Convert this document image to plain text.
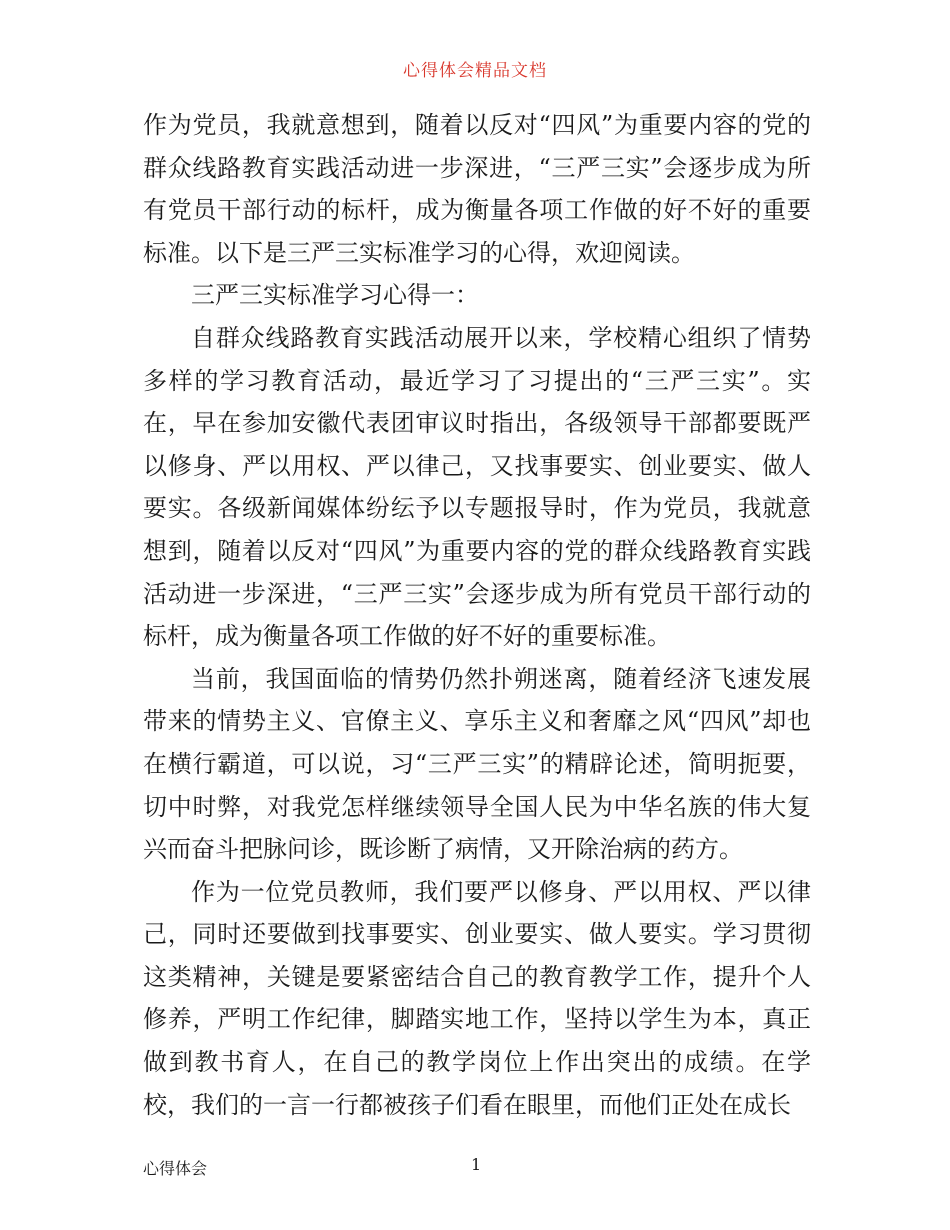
心得体会精品文档

作为党员，我就意想到，随着以反对“四风”为重要内容的党的群众线路教育实践活动进一步深进，“三严三实”会逐步成为所有党员干部行动的标杆，成为衡量各项工作做的好不好的重要标准。以下是三严三实标准学习的心得，欢迎阅读。

三严三实标准学习心得一：

自群众线路教育实践活动展开以来，学校精心组织了情势多样的学习教育活动，最近学习了习提出的“三严三实”。实在，早在参加安徽代表团审议时指出，各级领导干部都要既严以修身、严以用权、严以律己，又找事要实、创业要实、做人要实。各级新闻媒体纷纭予以专题报导时，作为党员，我就意想到，随着以反对“四风”为重要内容的党的群众线路教育实践活动进一步深进，“三严三实”会逐步成为所有党员干部行动的标杆，成为衡量各项工作做的好不好的重要标准。

当前，我国面临的情势仍然扑朔迷离，随着经济飞速发展带来的情势主义、官僚主义、享乐主义和奢靡之风“四风”却也在横行霸道，可以说，习“三严三实”的精辟论述，简明扼要，切中时弊，对我党怎样继续领导全国人民为中华名族的伟大复兴而奋斗把脉问诊，既诊断了病情，又开除治病的药方。

作为一位党员教师，我们要严以修身、严以用权、严以律己，同时还要做到找事要实、创业要实、做人要实。学习贯彻这类精神，关键是要紧密结合自己的教育教学工作，提升个人修养，严明工作纪律，脚踏实地工作，坚持以学生为本，真正做到教书育人，在自己的教学岗位上作出突出的成绩。在学校，我们的一言一行都被孩子们看在眼里，而他们正处在成长

心得体会	1
